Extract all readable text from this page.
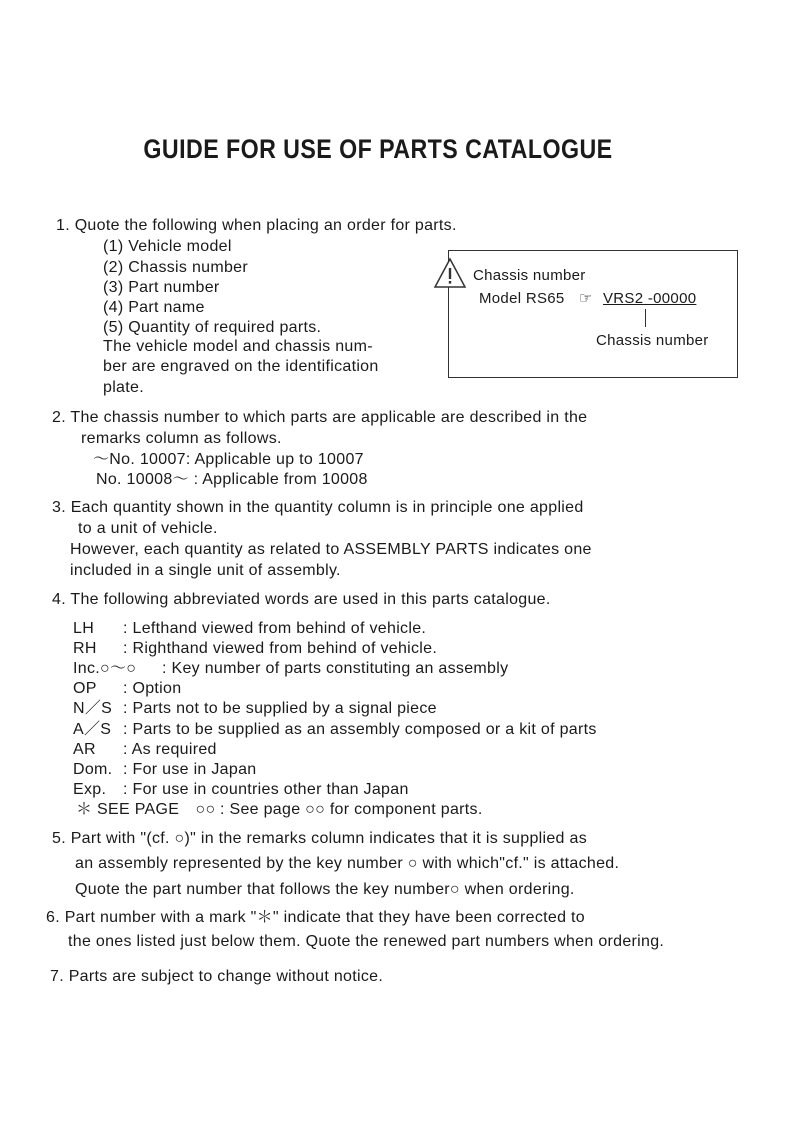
GUIDE FOR USE OF PARTS CATALOGUE
1. Quote the following when placing an order for parts.
(1) Vehicle model
(2) Chassis number
(3) Part number
(4) Part name
(5) Quantity of required parts.
The vehicle model and chassis num-
ber are engraved on the identification
plate.
Chassis number
Model RS65 ☞ VRS2 -00000
Chassis number
2. The chassis number to which parts are applicable are described in the
remarks column as follows.
～No. 10007: Applicable up to 10007
No. 10008～ : Applicable from 10008
3. Each quantity shown in the quantity column is in principle one applied
to a unit of vehicle.
However, each quantity as related to ASSEMBLY PARTS indicates one
included in a single unit of assembly.
4. The following abbreviated words are used in this parts catalogue.
LH : Lefthand viewed from behind of vehicle.
RH : Righthand viewed from behind of vehicle.
Inc.○～○ : Key number of parts constituting an assembly
OP : Option
N／S : Parts not to be supplied by a signal piece
A／S : Parts to be supplied as an assembly composed or a kit of parts
AR : As required
Dom. : For use in Japan
Exp. : For use in countries other than Japan
＊ SEE PAGE　○○ : See page ○○ for component parts.
5. Part with "(cf. ○)" in the remarks column indicates that it is supplied as
an assembly represented by the key number ○ with which"cf." is attached.
Quote the part number that follows the key number○ when ordering.
6. Part number with a mark "＊" indicate that they have been corrected to
the ones listed just below them. Quote the renewed part numbers when ordering.
7. Parts are subject to change without notice.
